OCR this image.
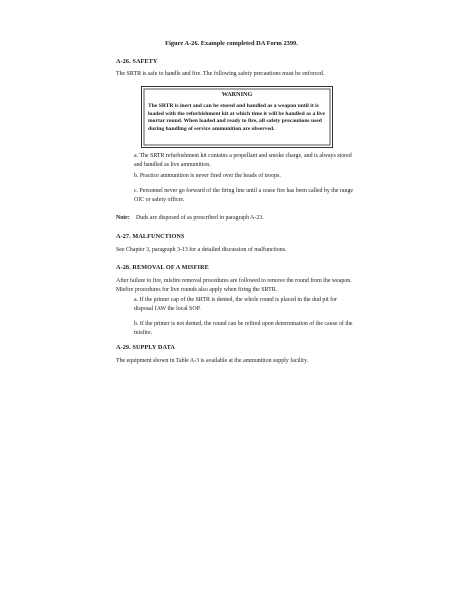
Figure A-26. Example completed DA Form 2399.

A-26. SAFETY

The SRTR is safe to handle and fire. The following safety precautions must be enforced.

WARNING
The SRTR is inert and can be stored and handled as a weapon until it is loaded with the refurbishment kit at which time it will be handled as a live mortar round. When loaded and ready to fire, all safety precautions used during handling of service ammunition are observed.

a. The SRTR refurbishment kit contains a propellant and smoke charge, and is always stored and handled as live ammunition.

b. Practice ammunition is never fired over the heads of troops.

c. Personnel never go forward of the firing line until a cease fire has been called by the range OIC or safety officer.

Note: Duds are disposed of as prescribed in paragraph A-23.

A-27. MALFUNCTIONS

See Chapter 3, paragraph 3-13 for a detailed discussion of malfunctions.

A-28. REMOVAL OF A MISFIRE

After failure to fire, misfire removal procedures are followed to remove the round from the weapon. Misfire procedures for live rounds also apply when firing the SRTR.

a. If the primer cap of the SRTR is dented, the whole round is placed in the dud pit for disposal IAW the local SOP.

b. If the primer is not dented, the round can be refired upon determination of the cause of the misfire.

A-29. SUPPLY DATA

The equipment shown in Table A-3 is available at the ammunition supply facility.
